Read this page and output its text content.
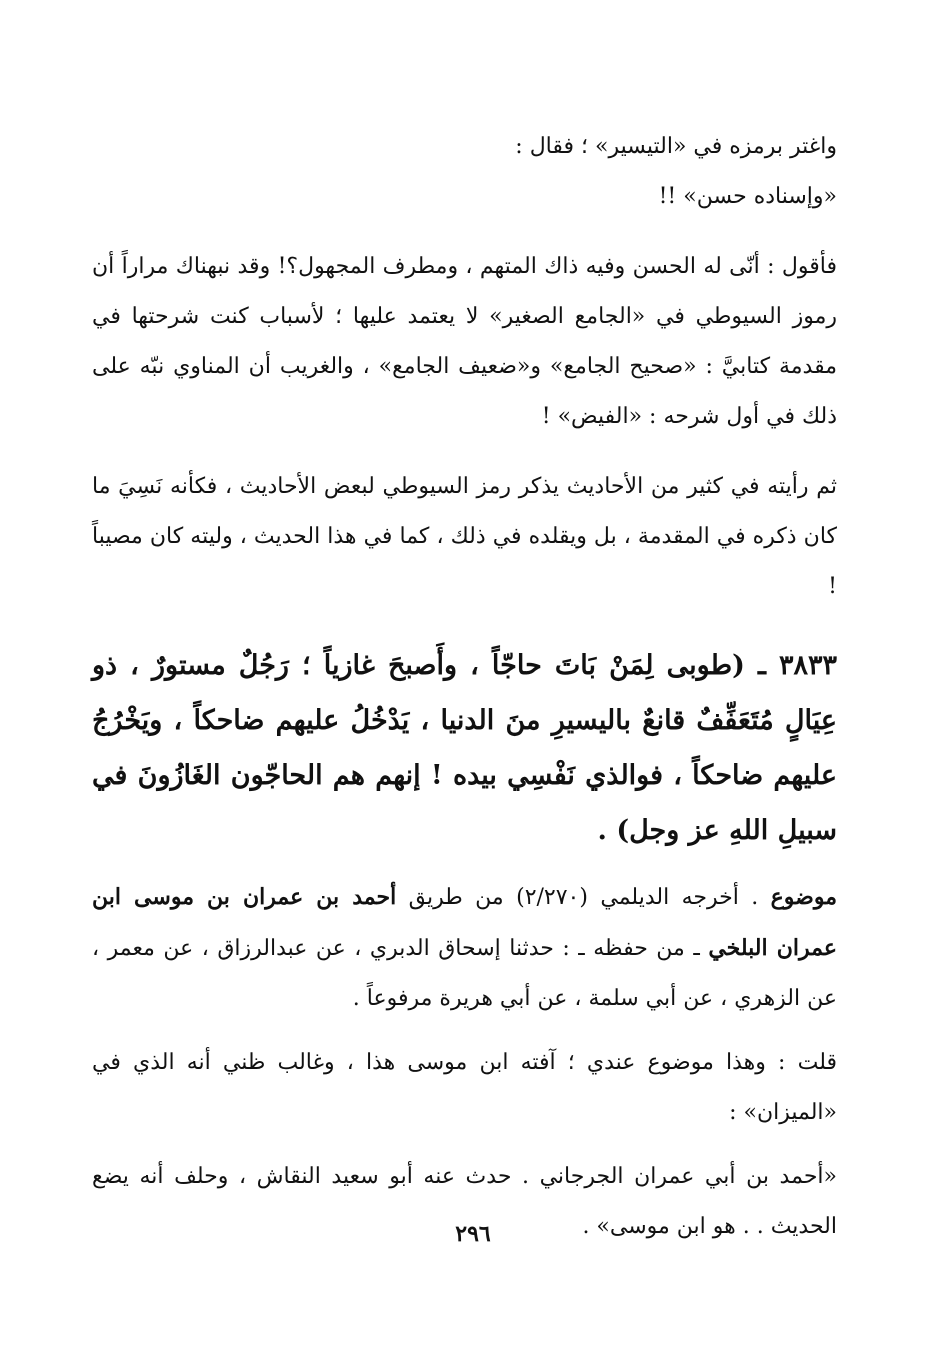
واغتر برمزه في «التيسير» ؛ فقال :

«وإسناده حسن» !!

فأقول : أنّى له الحسن وفيه ذاك المتهم ، ومطرف المجهول؟! وقد نبهناك مراراً أن رموز السيوطي في «الجامع الصغير» لا يعتمد عليها ؛ لأسباب كنت شرحتها في مقدمة كتابيَّ : «صحيح الجامع» و«ضعيف الجامع» ، والغريب أن المناوي نبّه على ذلك في أول شرحه : «الفيض» !

ثم رأيته في كثير من الأحاديث يذكر رمز السيوطي لبعض الأحاديث ، فكأنه نَسِيَ ما كان ذكره في المقدمة ، بل ويقلده في ذلك ، كما في هذا الحديث ، وليته كان مصيباً !

٣٨٣٣ ـ (طوبى لِمَنْ بَاتَ حاجّاً ، وأَصبحَ غازياً ؛ رَجُلٌ مستورٌ ، ذو عِيَالٍ مُتَعَفِّفٌ قانعٌ باليسيرِ منَ الدنيا ، يَدْخُلُ عليهم ضاحكاً ، ويَخْرُجُ عليهم ضاحكاً ، فوالذي نَفْسِي بيده ! إنهم هم الحاجّون الغَازُونَ في سبيلِ اللهِ عز وجل) .

موضوع . أخرجه الديلمي (٢/٢٧٠) من طريق أحمد بن عمران بن موسى ابن عمران البلخي ـ من حفظه ـ : حدثنا إسحاق الدبري ، عن عبدالرزاق ، عن معمر ، عن الزهري ، عن أبي سلمة ، عن أبي هريرة مرفوعاً .

قلت : وهذا موضوع عندي ؛ آفته ابن موسى هذا ، وغالب ظني أنه الذي في «الميزان» :

«أحمد بن أبي عمران الجرجاني . حدث عنه أبو سعيد النقاش ، وحلف أنه يضع الحديث . . هو ابن موسى» .

٢٩٦
